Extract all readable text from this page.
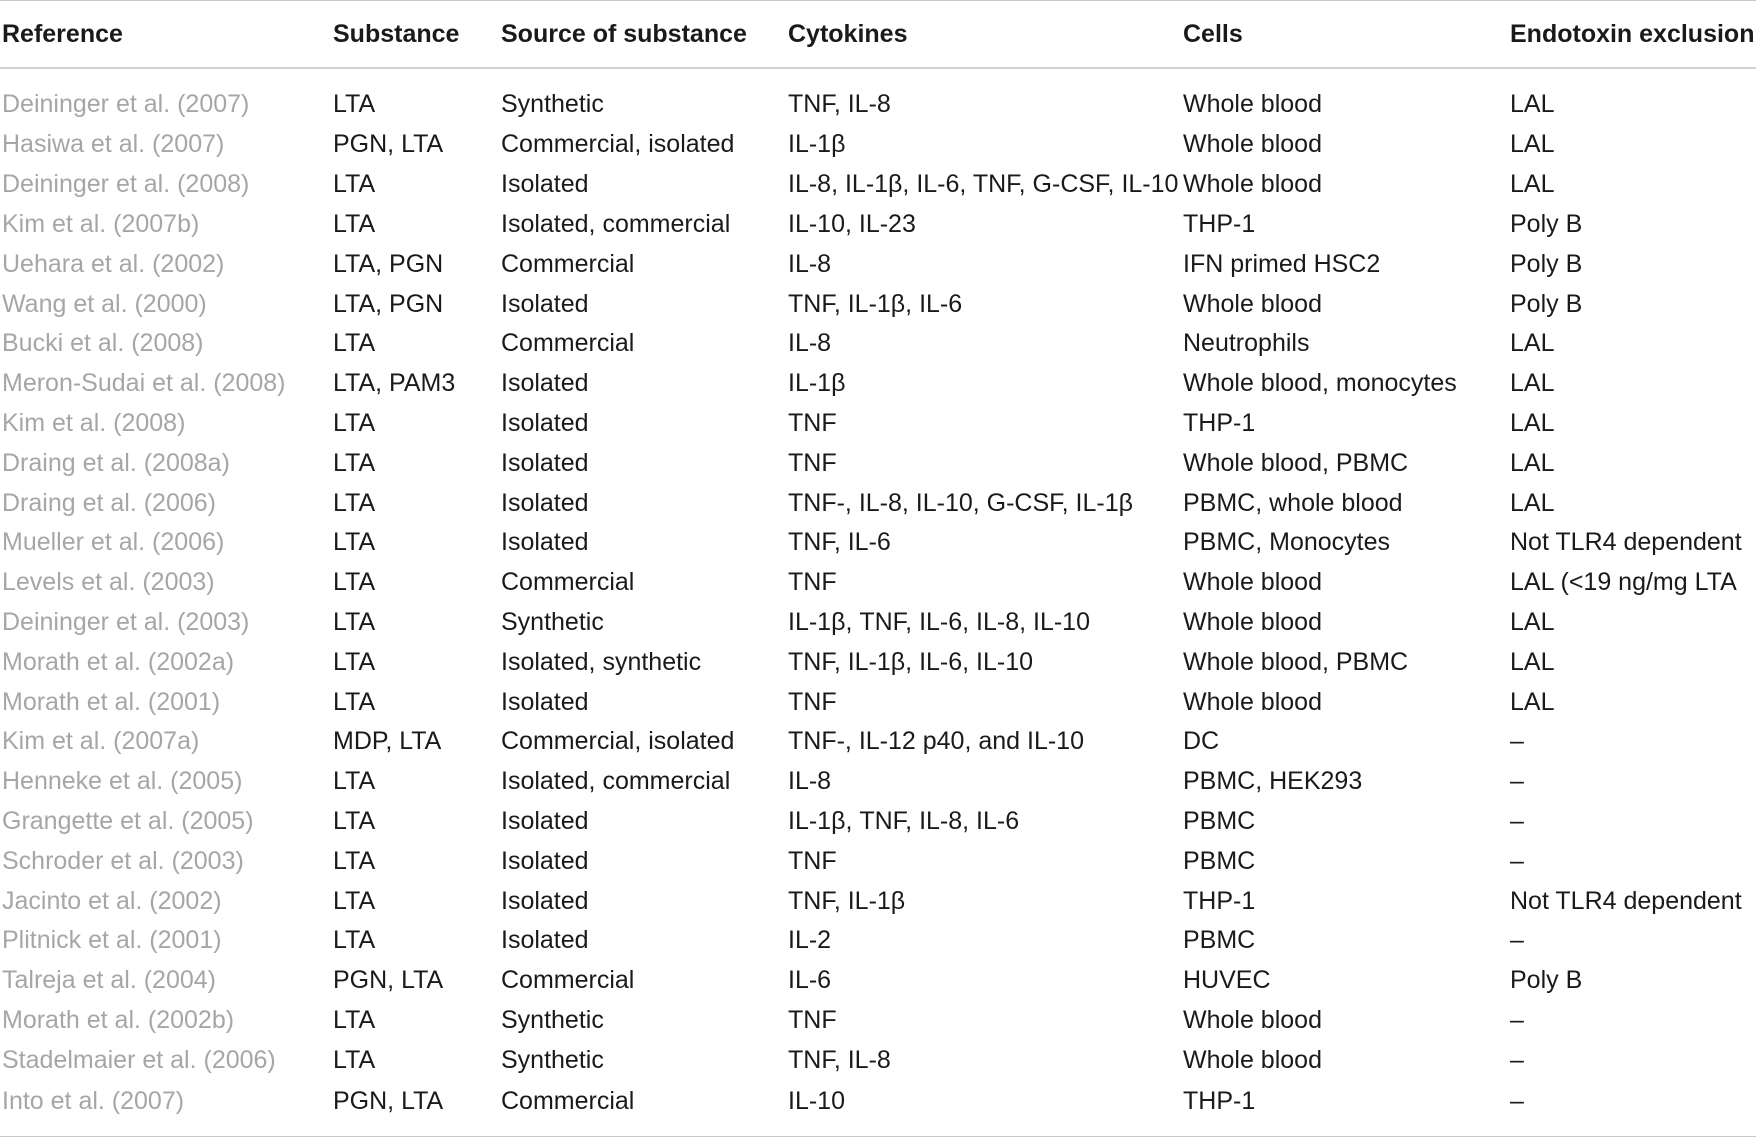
Reference	Substance	Source of substance	Cytokines	Cells	Endotoxin exclusion
Deininger et al. (2007)	LTA	Synthetic	TNF, IL-8	Whole blood	LAL
Hasiwa et al. (2007)	PGN, LTA	Commercial, isolated	IL-1β	Whole blood	LAL
Deininger et al. (2008)	LTA	Isolated	IL-8, IL-1β, IL-6, TNF, G-CSF, IL-10	Whole blood	LAL
Kim et al. (2007b)	LTA	Isolated, commercial	IL-10, IL-23	THP-1	Poly B
Uehara et al. (2002)	LTA, PGN	Commercial	IL-8	IFN primed HSC2	Poly B
Wang et al. (2000)	LTA, PGN	Isolated	TNF, IL-1β, IL-6	Whole blood	Poly B
Bucki et al. (2008)	LTA	Commercial	IL-8	Neutrophils	LAL
Meron-Sudai et al. (2008)	LTA, PAM3	Isolated	IL-1β	Whole blood, monocytes	LAL
Kim et al. (2008)	LTA	Isolated	TNF	THP-1	LAL
Draing et al. (2008a)	LTA	Isolated	TNF	Whole blood, PBMC	LAL
Draing et al. (2006)	LTA	Isolated	TNF-, IL-8, IL-10, G-CSF, IL-1β	PBMC, whole blood	LAL
Mueller et al. (2006)	LTA	Isolated	TNF, IL-6	PBMC, Monocytes	Not TLR4 dependent
Levels et al. (2003)	LTA	Commercial	TNF	Whole blood	LAL (<19 ng/mg LTA
Deininger et al. (2003)	LTA	Synthetic	IL-1β, TNF, IL-6, IL-8, IL-10	Whole blood	LAL
Morath et al. (2002a)	LTA	Isolated, synthetic	TNF, IL-1β, IL-6, IL-10	Whole blood, PBMC	LAL
Morath et al. (2001)	LTA	Isolated	TNF	Whole blood	LAL
Kim et al. (2007a)	MDP, LTA	Commercial, isolated	TNF-, IL-12 p40, and IL-10	DC	–
Henneke et al. (2005)	LTA	Isolated, commercial	IL-8	PBMC, HEK293	–
Grangette et al. (2005)	LTA	Isolated	IL-1β, TNF, IL-8, IL-6	PBMC	–
Schroder et al. (2003)	LTA	Isolated	TNF	PBMC	–
Jacinto et al. (2002)	LTA	Isolated	TNF, IL-1β	THP-1	Not TLR4 dependent
Plitnick et al. (2001)	LTA	Isolated	IL-2	PBMC	–
Talreja et al. (2004)	PGN, LTA	Commercial	IL-6	HUVEC	Poly B
Morath et al. (2002b)	LTA	Synthetic	TNF	Whole blood	–
Stadelmaier et al. (2006)	LTA	Synthetic	TNF, IL-8	Whole blood	–
Into et al. (2007)	PGN, LTA	Commercial	IL-10	THP-1	–
